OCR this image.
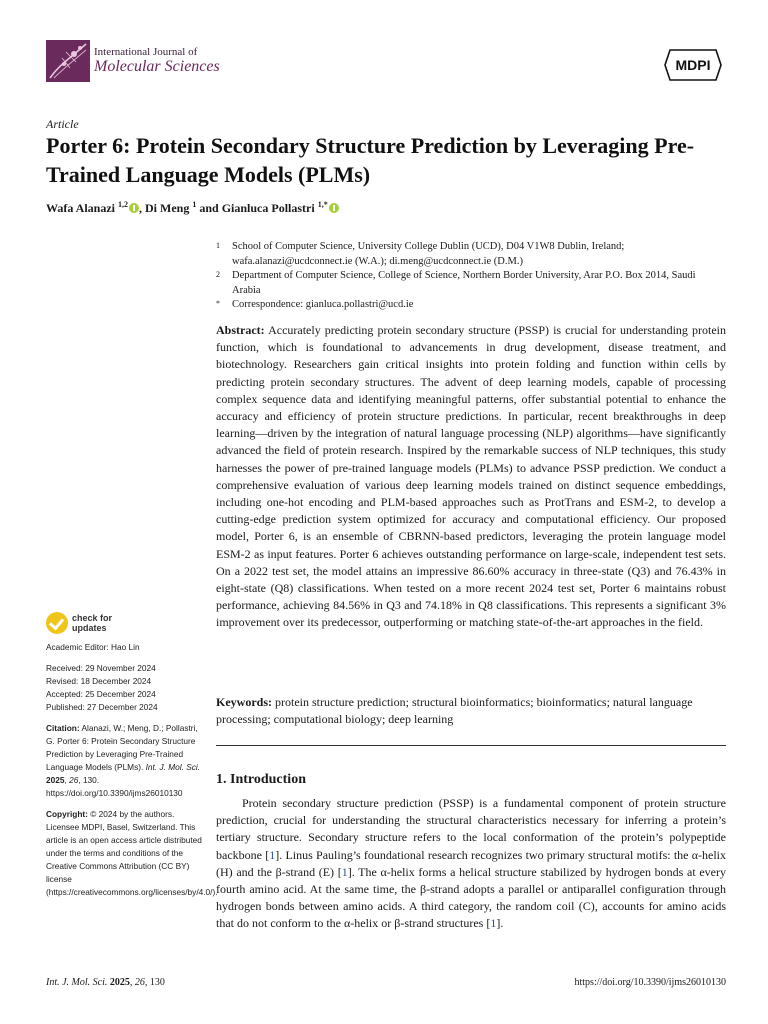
International Journal of
Molecular Sciences	MDPI
Article
Porter 6: Protein Secondary Structure Prediction by Leveraging Pre-Trained Language Models (PLMs)
Wafa Alanazi $^{1,2}$ , Di Meng $^1$ and Gianluca Pollastri $^{1,*}$
1	School of Computer Science, University College Dublin (UCD), D04 V1W8 Dublin, Ireland; wafa.alanazi@ucdconnect.ie (W.A.); di.meng@ucdconnect.ie (D.M.)
2	Department of Computer Science, College of Science, Northern Border University, Arar P.O. Box 2014, Saudi Arabia
*	Correspondence: gianluca.pollastri@ucd.ie

Abstract: Accurately predicting protein secondary structure (PSSP) is crucial for understanding protein function, which is foundational to advancements in drug development, disease treatment, and biotechnology. Researchers gain critical insights into protein folding and function within cells by predicting protein secondary structures. The advent of deep learning models, capable of processing complex sequence data and identifying meaningful patterns, offer substantial potential to enhance the accuracy and efficiency of protein structure predictions. In particular, recent breakthroughs in deep learning—driven by the integration of natural language processing (NLP) algorithms—have significantly advanced the field of protein research. Inspired by the remarkable success of NLP techniques, this study harnesses the power of pre-trained language models (PLMs) to advance PSSP prediction. We conduct a comprehensive evaluation of various deep learning models trained on distinct sequence embeddings, including one-hot encoding and PLM-based approaches such as ProtTrans and ESM-2, to develop a cutting-edge prediction system optimized for accuracy and computational efficiency. Our proposed model, Porter 6, is an ensemble of CBRNN-based predictors, leveraging the protein language model ESM-2 as input features. Porter 6 achieves outstanding performance on large-scale, independent test sets. On a 2022 test set, the model attains an impressive 86.60% accuracy in three-state (Q3) and 76.43% in eight-state (Q8) classifications. When tested on a more recent 2024 test set, Porter 6 maintains robust performance, achieving 84.56% in Q3 and 74.18% in Q8 classifications. This represents a significant 3% improvement over its predecessor, outperforming or matching state-of-the-art approaches in the field.

Keywords: protein structure prediction; structural bioinformatics; bioinformatics; natural language processing; computational biology; deep learning

1. Introduction

Protein secondary structure prediction (PSSP) is a fundamental component of protein structure prediction, crucial for understanding the structural characteristics necessary for inferring a protein’s tertiary structure. Secondary structure refers to the local conformation of the protein’s polypeptide backbone [1]. Linus Pauling’s foundational research recognizes two primary structural motifs: the α-helix (H) and the β-strand (E) [1]. The α-helix forms a helical structure stabilized by hydrogen bonds at every fourth amino acid. At the same time, the β-strand adopts a parallel or antiparallel configuration through hydrogen bonds between amino acids. A third category, the random coil (C), accounts for amino acids that do not conform to the α-helix or β-strand structures [1].

check for
updates
Academic Editor: Hao Lin
Received: 29 November 2024
Revised: 18 December 2024
Accepted: 25 December 2024
Published: 27 December 2024
Citation: Alanazi, W.; Meng, D.; Pollastri, G. Porter 6: Protein Secondary Structure Prediction by Leveraging Pre-Trained Language Models (PLMs). Int. J. Mol. Sci. 2025, 26, 130. https://doi.org/10.3390/ijms26010130
Copyright: © 2024 by the authors. Licensee MDPI, Basel, Switzerland. This article is an open access article distributed under the terms and conditions of the Creative Commons Attribution (CC BY) license (https://creativecommons.org/licenses/by/4.0/).
Int. J. Mol. Sci. 2025, 26, 130	https://doi.org/10.3390/ijms26010130
